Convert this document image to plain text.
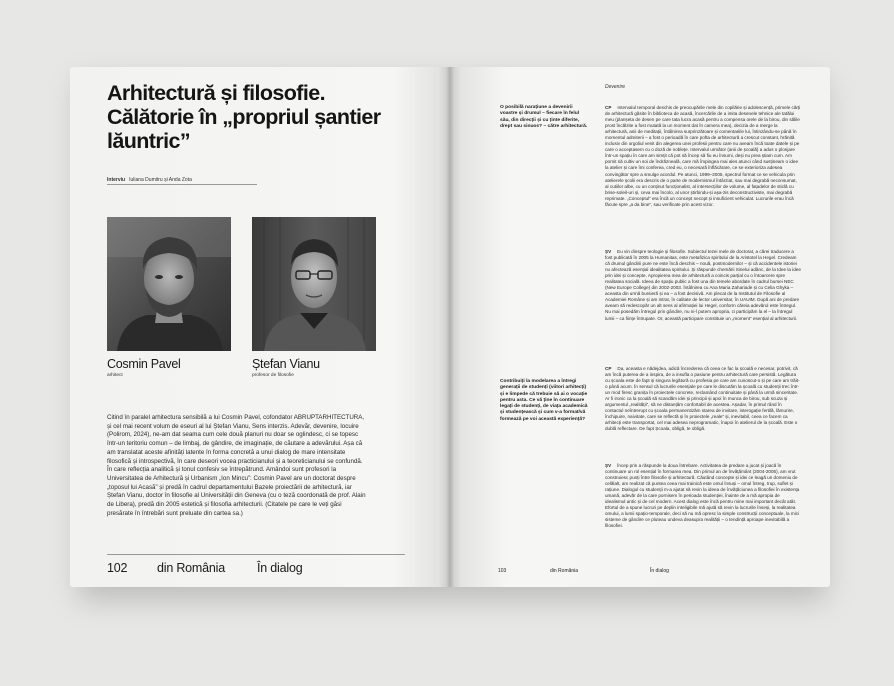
Arhitectură și filosofie. Călătorie în „propriul șantier lăuntric”
Interviu Iuliana Dumitru și Anda Zota
Cosmin Pavel
arhitect
Ștefan Vianu
profesor de filosofie
Citind în paralel arhitectura sensibilă a lui Cosmin Pavel, cofondator ABRUPTARHITECTURA, și cel mai recent volum de eseuri al lui Ștefan Vianu, Sens interzis. Adevăr, devenire, locuire (Polirom, 2024), ne-am dat seama cum cele două planuri nu doar se oglindesc, ci se topesc într-un teritoriu comun – de limbaj, de gândire, de imaginație, de căutare a adevărului. Așa că am translatat aceste afinități latente în forma concretă a unui dialog de mare intensitate filosofică și introspectivă, în care deseori vocea practicianului și a teoreticianului se confundă. În care reflecția analitică și tonul confesiv se întrepătrund. Amândoi sunt profesori la Universitatea de Arhitectură și Urbanism „Ion Mincu”: Cosmin Pavel are un doctorat despre „toposul lui Acasă” și predă în cadrul departamentului Bazele proiectării de arhitectură, iar Ștefan Vianu, doctor în filosofie al Universității din Geneva (cu o teză coordonată de prof. Alain de Libera), predă din 2005 estetică și filosofia arhitecturii. (Citatele pe care le veți găsi presărate în întrebări sunt preluate din cartea sa.)
102 din România	În dialog
Devenire
O posibilă narațiune a devenirii voastre și drumul – fiecare în felul său, din direcții și cu ținte diferite, drept sau sinuos? – către arhitectură.
Contribuiți la modelarea a întregi generații de studenți (viitori arhitecți) și e limpede că trebuie să ai o vocație pentru asta. Ce vă ține în continuare legați de studenți, de viața academică și studențească și cum v-a format/vă formează pe voi această experiență?
CP Intervalul temporal deschis de preocupările mele din copilărie și adolescență, primele cărți de arhitectură găsite în biblioteca de acasă, încercările de a imita desenele tehnice ale tatălui meu (planșeta de desen pe care tata lucra acasă pentru a compensa orele de la birou, din sălile prost încălzite a fost mutată la un moment dat în camera mea), decizia de a merge la arhitectură, anii de meditații, întâlnirea surprinzătoare și comentariile lui, întinzându-se până în momentul admiterii – a fost o perioadă în care pofta de arhitectură a crescut constant, hrănită inclusiv din orgoliul venit din alegerea unei profesii pentru care nu aveam încă toate datele și pe care o acceptasem cu o doză de noblețe. Intervalul următor (anii de școală) a adus o plonjare într-un spațiu în care am simțit că pot să încep să fiu eu însumi, deși nu prea știam cum. Am pornit să cultiv un soi de îndrăzneală, care mă împingea mai ales atunci când susțineam o idee la atelier și care îmi conferea, cred eu, o necesară înflăcărare, ce se exterioriza adesea convingător spre a smulge acordul. Pe atunci, 1999–2005, spectrul format ce se vehicula prin atelierele școlii era descris de o parte de modernismul întârziat, sau mai degrabă neconsumat, al cutiilor albe, cu un conținut funcționalist, al intersecțiilor de volume, al fațadelor de sticlă cu brise-soleil-uri și, ceva mai încolo, al unor știrbindu-și așa-zis deconstructiviste, mai degrabă reprimate. „Conceptul” era încă un concept necopt și insuficient vehiculat. Lucrurile erau încă făcute spre „a da bine”, sau verificate prin acest vizor.
ȘV Eu vin dinspre teologie și filosofie. Subiectul tezei mele de doctorat, a cărei traducere a fost publicată în 2005 la Humanitas, este metafizica spiritului de la Aristotel la Hegel. Credeam că drumul gândirii pure ne este încă deschis – nouă, postmodernilor – și că accidentele istoriei nu afectează esențial idealitatea spiritului. Și răspunde chemării Sinelui adânc, de la Idee la idee prin idei și concepte. Apropierea mea de arhitectură a coincis parțial cu o întoarcere spre realitatea socială. Ideea de spațiu public a fost una din temele abordate în cadrul bursei NEC (New Europe College) din 2002-2003. Întâlnirea cu Ana Maria Zahariade și cu Celia Ghyka – aceasta din urmă bursieră și ea – a fost decisivă. Am plecat de la Institutul de Filosofie al Academiei Române și am intrat, în calitate de lector universitar, în UAUIM. După ani de predare aveam să redescopăr un alt sens al afirmației lui Hegel, conform căreia adevărul este întregul. Nu mai posedăm întregul prin gândire, nu ni-l putem apropria, ci participăm la el – la întregul lumii – ca ființe întrupate. Or, această participare constituie un „moment” esențial al arhitecturii.
CP Da, aceasta e nădejdea, adică încrederea că ceea ce fac la școală e necesar, potrivit, că am încă puterea de a inspira, de a insufla o pasiune pentru arhitectură care persistă. Legătura cu școala este de fapt și singura legătură cu profesia pe care am cunoscut-o și pe care am trăit-o până acum. În sensul că lucrurile esențiale pe care le discutăm la școală cu studenții trec într-un mod firesc granița în proiectele concrete, reclamând continuitate și până la urmă sinceritate. Ar fi ironic ca la școală să scandăm idei și principii și apoi în munca de birou, sub scuza și argumentul „realității”, să ne distanțăm confortabil de acestea. Așadar, în primul rând în contactul neîntrerupt cu școala permanentizăm starea de invitare, interogație fertilă, lămurire, închipuire, naivitate, care se reflectă și în proiectele „reale” și, inevitabil, ceea ce facem ca arhitecți este transportat, cel mai adesea neprogramatic, înapoi în atelierul de la școală. Este o dublă reflectare. De fapt Școala, obligă, te obligă.
ȘV Încep prin a răspunde la doua întrebare. Activitatea de predare a jucat și joacă în continuare un rol esențial în formarea mea. Din primul an de învățământ (2004-2005), am vrut construiesc punți între filosofie și arhitectură. Căutând concepte și idei ce leagă un domeniu de celălalt, am realizat că puntea ceea mai trainică este omul însuși – omul întreg, trup, suflet și rațiune. Dialogul cu studenții m-a ajutat să revin la ideea de învățăciunea a filosofiei în existența umană, adevăr de la care pornisem în perioada studenției, înainte de a mă apropia de idealismul antic și de cel modern. Acest dialog este încă pentru mine mai important decât atât. Efortul de a spune lucruri pe deplin inteligibile mă ajută să revin la lucrurile înseși, la realitatea omului, a lumii spațio-temporale, deci să nu mă opresc la simple construcții conceptuale, la mici sisteme de gândire ce pluteau undeva deasupra realității – o tendință aproape inevitabilă a filosofiei.
103	din România	În dialog
